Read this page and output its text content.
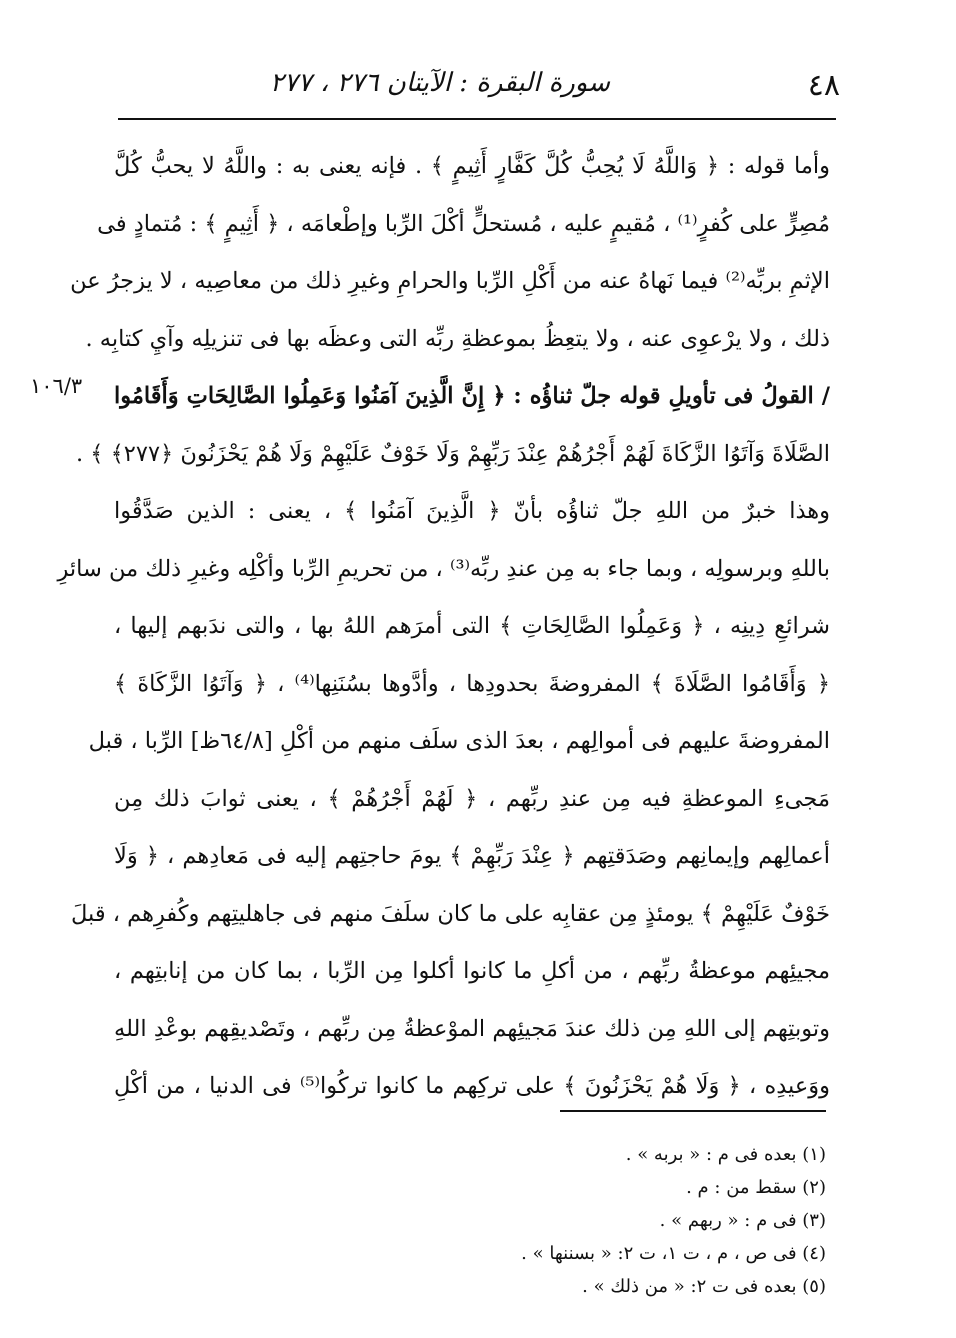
٤٨
سورة البقرة : الآيتان ٢٧٦ ، ٢٧٧
١٠٦/٣
وأما قوله : ﴿ وَاللَّهُ لَا يُحِبُّ كُلَّ كَفَّارٍ أَثِيمٍ ﴾ . فإنه يعنى به : واللَّهُ لا يحبُّ كُلَّ
مُصِرٍّ على كُفرٍ⁽¹⁾ ، مُقيمٍ عليه ، مُستحلٍّ أكْلَ الرِّبا وإطْعامَه ، ﴿ أَثِيمٍ ﴾ : مُتمادٍ فى
الإثمِ بربِّه⁽²⁾ فيما نَهاهُ عنه من أَكْلِ الرِّبا والحرامِ وغيرِ ذلك من معاصِيه ، لا يزجرُ عن
ذلك ، ولا يرْعوِى عنه ، ولا يتعِظُ بموعظةِ ربِّه التى وعظَه بها فى تنزيلِه وآيِ كتابِه .
/ القولُ فى تأويلِ قوله جلّ ثناؤُه : ﴿ إِنَّ الَّذِينَ آمَنُوا وَعَمِلُوا الصَّالِحَاتِ وَأَقَامُوا
الصَّلَاةَ وَآتَوُا الزَّكَاةَ لَهُمْ أَجْرُهُمْ عِنْدَ رَبِّهِمْ وَلَا خَوْفٌ عَلَيْهِمْ وَلَا هُمْ يَحْزَنُونَ ﴿٢٧٧﴾ ﴾ .
وهذا خبرٌ من اللهِ جلّ ثناؤُه بأنّ ﴿ الَّذِينَ آمَنُوا ﴾ ، يعنى : الذين صَدَّقُوا
باللهِ وبرسولِه ، وبما جاء به مِن عندِ ربِّه⁽³⁾ ، من تحريمِ الرِّبا وأكْلِه وغيرِ ذلك من سائرِ
شرائعِ دِينِه ، ﴿ وَعَمِلُوا الصَّالِحَاتِ ﴾ التى أمرَهم اللهُ بها ، والتى ندَبهم إليها ،
﴿ وَأَقَامُوا الصَّلَاةَ ﴾ المفروضةَ بحدودِها ، وأدَّوها بسُنَنِها⁽⁴⁾ ، ﴿ وَآتَوُا الزَّكَاةَ ﴾
المفروضةَ عليهم فى أموالِهم ، بعدَ الذى سلَف منهم من أكْلِ [٦٤/٨ظ] الرِّبا ، قبل
مَجىءِ الموعظةِ فيه مِن عندِ ربِّهم ، ﴿ لَهُمْ أَجْرُهُمْ ﴾ ، يعنى ثوابَ ذلك مِن
أعمالِهم وإيمانِهم وصَدَقتِهم ﴿ عِنْدَ رَبِّهِمْ ﴾ يومَ حاجتِهم إليه فى مَعادِهم ، ﴿ وَلَا
خَوْفٌ عَلَيْهِمْ ﴾ يومئذٍ مِن عقابِه على ما كان سلَفَ منهم فى جاهليتِهم وكُفرِهم ، قبلَ
مجيئِهم موعظةُ ربِّهم ، من أكلِ ما كانوا أكلوا مِن الرِّبا ، بما كان من إنابتِهم ،
وتوبتِهم إلى اللهِ مِن ذلك عندَ مَجيئِهم الموْعظةُ مِن ربِّهم ، وتَصْديقِهم بوعْدِ اللهِ
ووَعيدِه ، ﴿ وَلَا هُمْ يَحْزَنُونَ ﴾ على تركِهم ما كانوا تركُوا⁽⁵⁾ فى الدنيا ، من أكْلِ
(١) بعده فى م : « بربه » .
(٢) سقط من : م .
(٣) فى م : « ربهم » .
(٤) فى ص ، م ، ت ١، ت ٢: « بسننها » .
(٥) بعده فى ت ٢: « من ذلك » .
